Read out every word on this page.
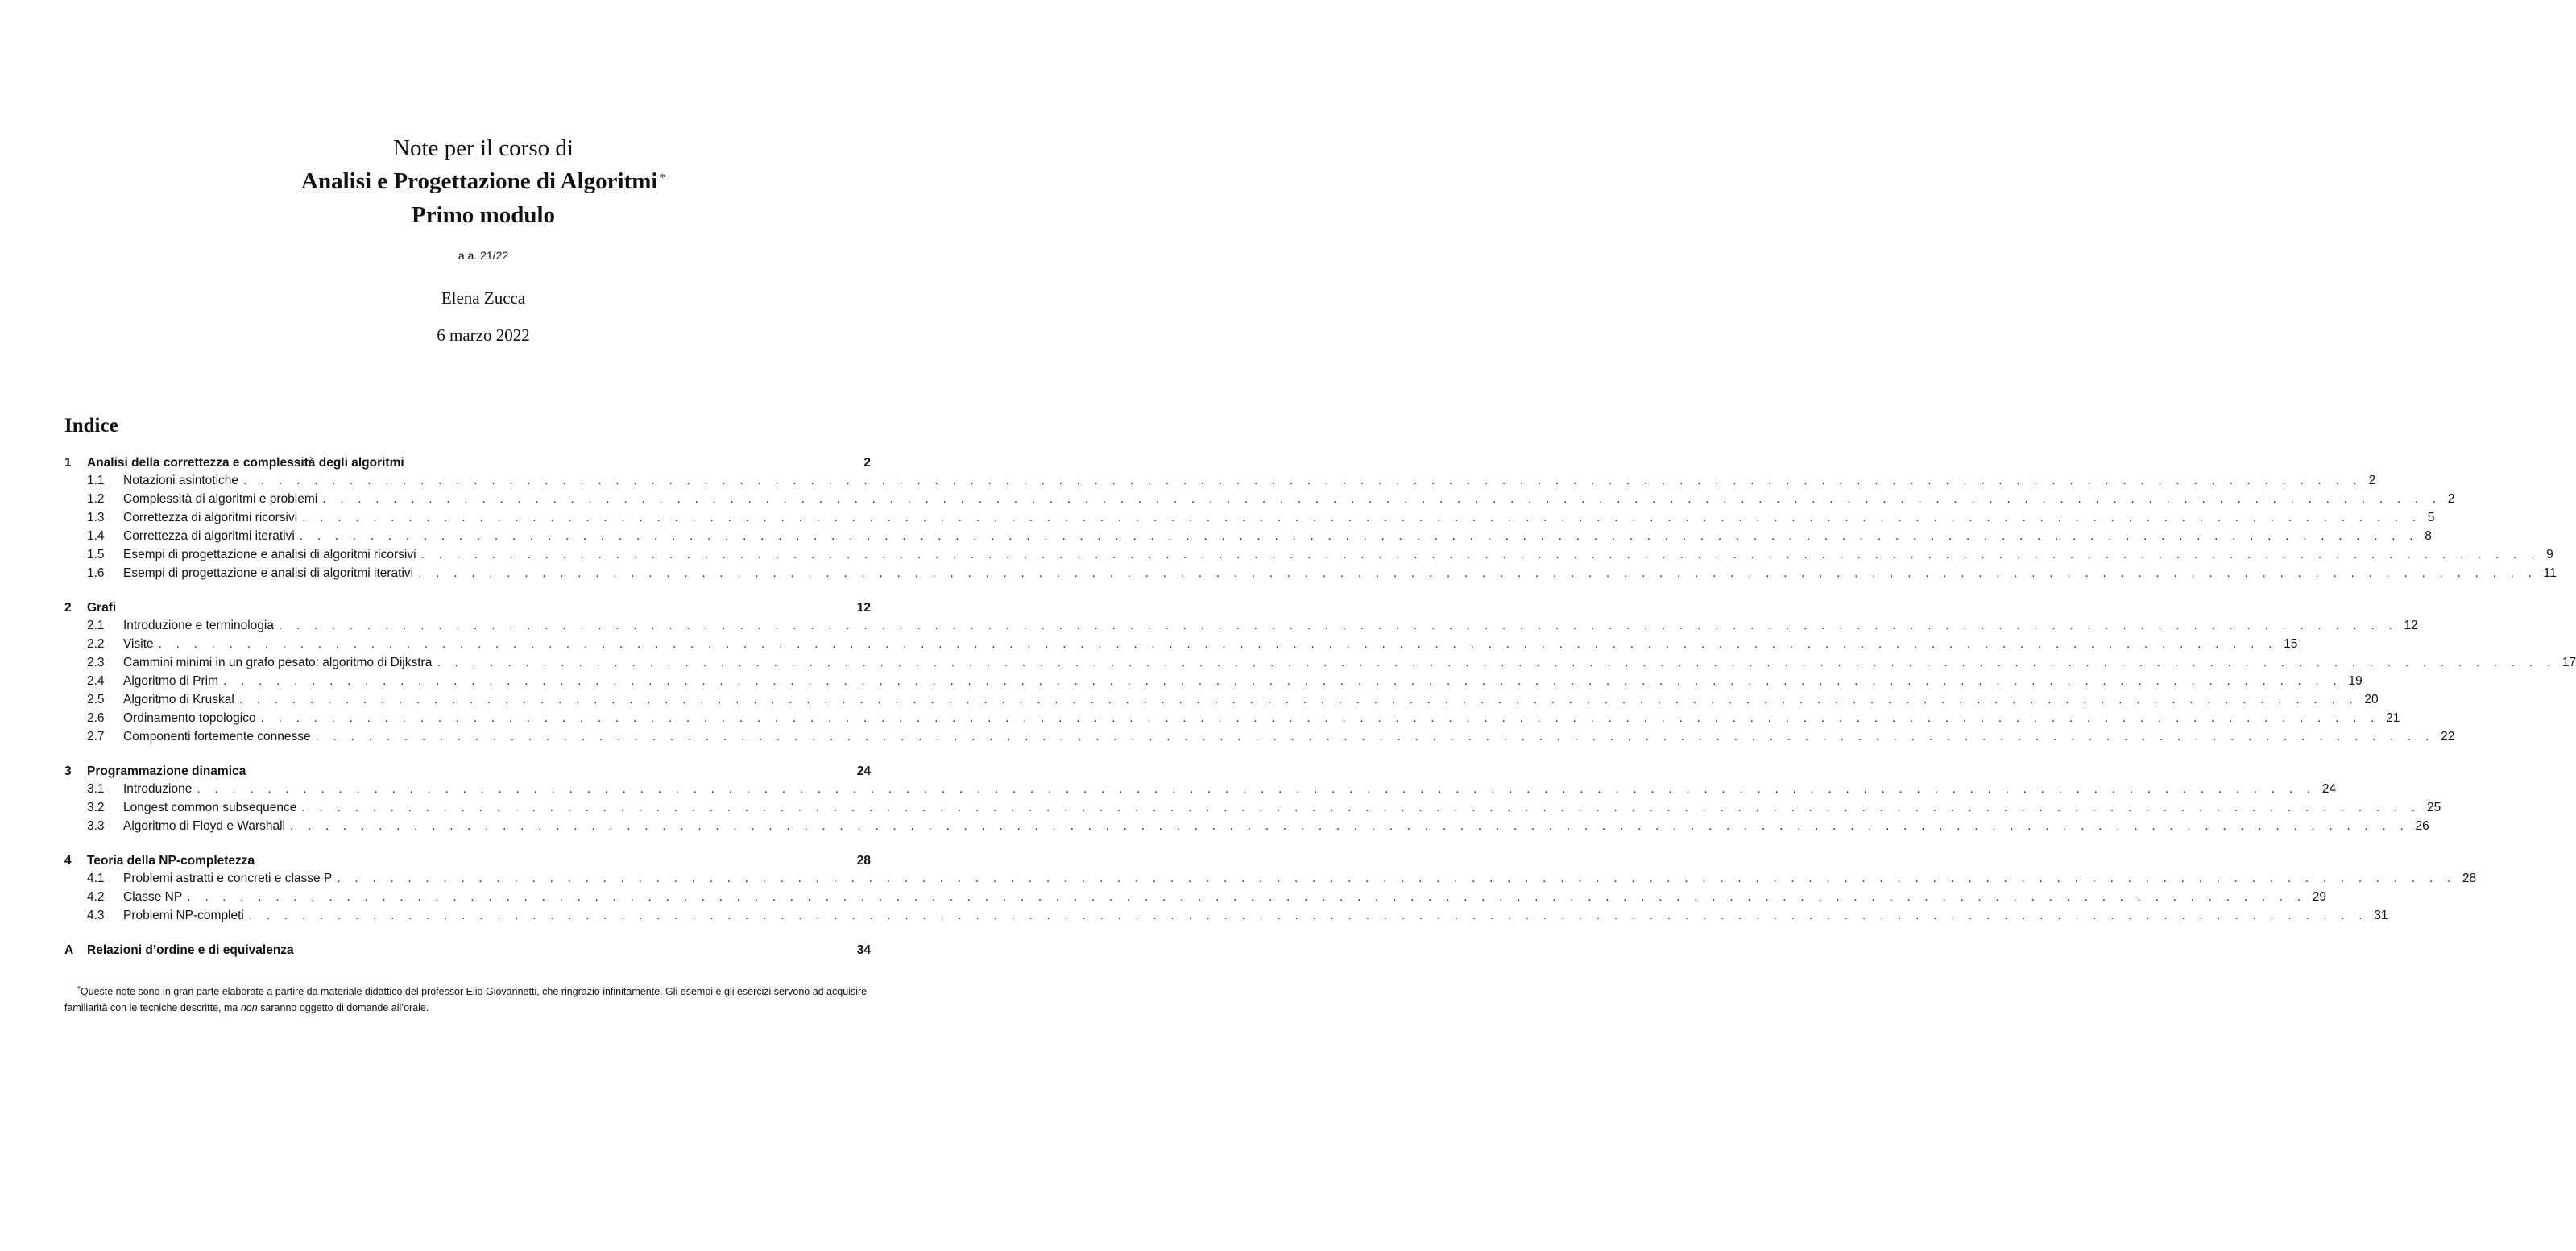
Note per il corso di
Analisi e Progettazione di Algoritmi *
Primo modulo
a.a. 21/22
Elena Zucca
6 marzo 2022
Indice
1	Analisi della correttezza e complessità degli algoritmi	2
1.1	Notazioni asintotiche . . . . . . . . . . . . . . . . . . . . . . . . . . . . . . . . . . . . . . . . . . . . . . . . . . . . . . . . . . . . . . . . . . . . . . . . . . . . . . . . . . . . . . . . . . . . . . . . . . . . . . . . . . . . . . . . . . . . . . . . 2
1.2	Complessità di algoritmi e problemi . . . . . . . . . . . . . . . . . . . . . . . . . . . . . . . . . . . . . . . . . . . . . . . . . . . . . . . . . . . . . . . . . . . . . . . . . . . . . . . . . . . . . . . . . . . . . . . . . . . . . . . . . . . . . . . . . . . . . . . . 2
1.3	Correttezza di algoritmi ricorsivi . . . . . . . . . . . . . . . . . . . . . . . . . . . . . . . . . . . . . . . . . . . . . . . . . . . . . . . . . . . . . . . . . . . . . . . . . . . . . . . . . . . . . . . . . . . . . . . . . . . . . . . . . . . . . . . . . . . . . . . . 5
1.4	Correttezza di algoritmi iterativi . . . . . . . . . . . . . . . . . . . . . . . . . . . . . . . . . . . . . . . . . . . . . . . . . . . . . . . . . . . . . . . . . . . . . . . . . . . . . . . . . . . . . . . . . . . . . . . . . . . . . . . . . . . . . . . . . . . . . . . . 8
1.5	Esempi di progettazione e analisi di algoritmi ricorsivi . . . . . . . . . . . . . . . . . . . . . . . . . . . . . . . . . . . . . . . . . . . . . . . . . . . . . . . . . . . . . . . . . . . . . . . . . . . . . . . . . . . . . . . . . . . . . . . . . . . . . . . . . . . . . . . . . . . . . . . . 9
1.6	Esempi di progettazione e analisi di algoritmi iterativi . . . . . . . . . . . . . . . . . . . . . . . . . . . . . . . . . . . . . . . . . . . . . . . . . . . . . . . . . . . . . . . . . . . . . . . . . . . . . . . . . . . . . . . . . . . . . . . . . . . . . . . . . . . . . . . . . . . . . . . . 11
2	Grafi	12
2.1	Introduzione e terminologia . . . . . . . . . . . . . . . . . . . . . . . . . . . . . . . . . . . . . . . . . . . . . . . . . . . . . . . . . . . . . . . . . . . . . . . . . . . . . . . . . . . . . . . . . . . . . . . . . . . . . . . . . . . . . . . . . . . . . . . . 12
2.2	Visite . . . . . . . . . . . . . . . . . . . . . . . . . . . . . . . . . . . . . . . . . . . . . . . . . . . . . . . . . . . . . . . . . . . . . . . . . . . . . . . . . . . . . . . . . . . . . . . . . . . . . . . . . . . . . . . . . . . . . . . . 15
2.3	Cammini minimi in un grafo pesato: algoritmo di Dijkstra . . . . . . . . . . . . . . . . . . . . . . . . . . . . . . . . . . . . . . . . . . . . . . . . . . . . . . . . . . . . . . . . . . . . . . . . . . . . . . . . . . . . . . . . . . . . . . . . . . . . . . . . . . . . . . . . . . . . . . . . 17
2.4	Algoritmo di Prim . . . . . . . . . . . . . . . . . . . . . . . . . . . . . . . . . . . . . . . . . . . . . . . . . . . . . . . . . . . . . . . . . . . . . . . . . . . . . . . . . . . . . . . . . . . . . . . . . . . . . . . . . . . . . . . . . . . . . . . . 19
2.5	Algoritmo di Kruskal . . . . . . . . . . . . . . . . . . . . . . . . . . . . . . . . . . . . . . . . . . . . . . . . . . . . . . . . . . . . . . . . . . . . . . . . . . . . . . . . . . . . . . . . . . . . . . . . . . . . . . . . . . . . . . . . . . . . . . . . 20
2.6	Ordinamento topologico . . . . . . . . . . . . . . . . . . . . . . . . . . . . . . . . . . . . . . . . . . . . . . . . . . . . . . . . . . . . . . . . . . . . . . . . . . . . . . . . . . . . . . . . . . . . . . . . . . . . . . . . . . . . . . . . . . . . . . . . 21
2.7	Componenti fortemente connesse . . . . . . . . . . . . . . . . . . . . . . . . . . . . . . . . . . . . . . . . . . . . . . . . . . . . . . . . . . . . . . . . . . . . . . . . . . . . . . . . . . . . . . . . . . . . . . . . . . . . . . . . . . . . . . . . . . . . . . . . 22
3	Programmazione dinamica	24
3.1	Introduzione . . . . . . . . . . . . . . . . . . . . . . . . . . . . . . . . . . . . . . . . . . . . . . . . . . . . . . . . . . . . . . . . . . . . . . . . . . . . . . . . . . . . . . . . . . . . . . . . . . . . . . . . . . . . . . . . . . . . . . . . 24
3.2	Longest common subsequence . . . . . . . . . . . . . . . . . . . . . . . . . . . . . . . . . . . . . . . . . . . . . . . . . . . . . . . . . . . . . . . . . . . . . . . . . . . . . . . . . . . . . . . . . . . . . . . . . . . . . . . . . . . . . . . . . . . . . . . . 25
3.3	Algoritmo di Floyd e Warshall . . . . . . . . . . . . . . . . . . . . . . . . . . . . . . . . . . . . . . . . . . . . . . . . . . . . . . . . . . . . . . . . . . . . . . . . . . . . . . . . . . . . . . . . . . . . . . . . . . . . . . . . . . . . . . . . . . . . . . . . 26
4	Teoria della NP-completezza	28
4.1	Problemi astratti e concreti e classe P . . . . . . . . . . . . . . . . . . . . . . . . . . . . . . . . . . . . . . . . . . . . . . . . . . . . . . . . . . . . . . . . . . . . . . . . . . . . . . . . . . . . . . . . . . . . . . . . . . . . . . . . . . . . . . . . . . . . . . . . 28
4.2	Classe NP . . . . . . . . . . . . . . . . . . . . . . . . . . . . . . . . . . . . . . . . . . . . . . . . . . . . . . . . . . . . . . . . . . . . . . . . . . . . . . . . . . . . . . . . . . . . . . . . . . . . . . . . . . . . . . . . . . . . . . . . 29
4.3	Problemi NP-completi . . . . . . . . . . . . . . . . . . . . . . . . . . . . . . . . . . . . . . . . . . . . . . . . . . . . . . . . . . . . . . . . . . . . . . . . . . . . . . . . . . . . . . . . . . . . . . . . . . . . . . . . . . . . . . . . . . . . . . . . 31
A	Relazioni d’ordine e di equivalenza	34
*Queste note sono in gran parte elaborate a partire da materiale didattico del professor Elio Giovannetti, che ringrazio infinitamente. Gli esempi e gli esercizi servono ad acquisire familiarità con le tecniche descritte, ma non saranno oggetto di domande all’orale.
